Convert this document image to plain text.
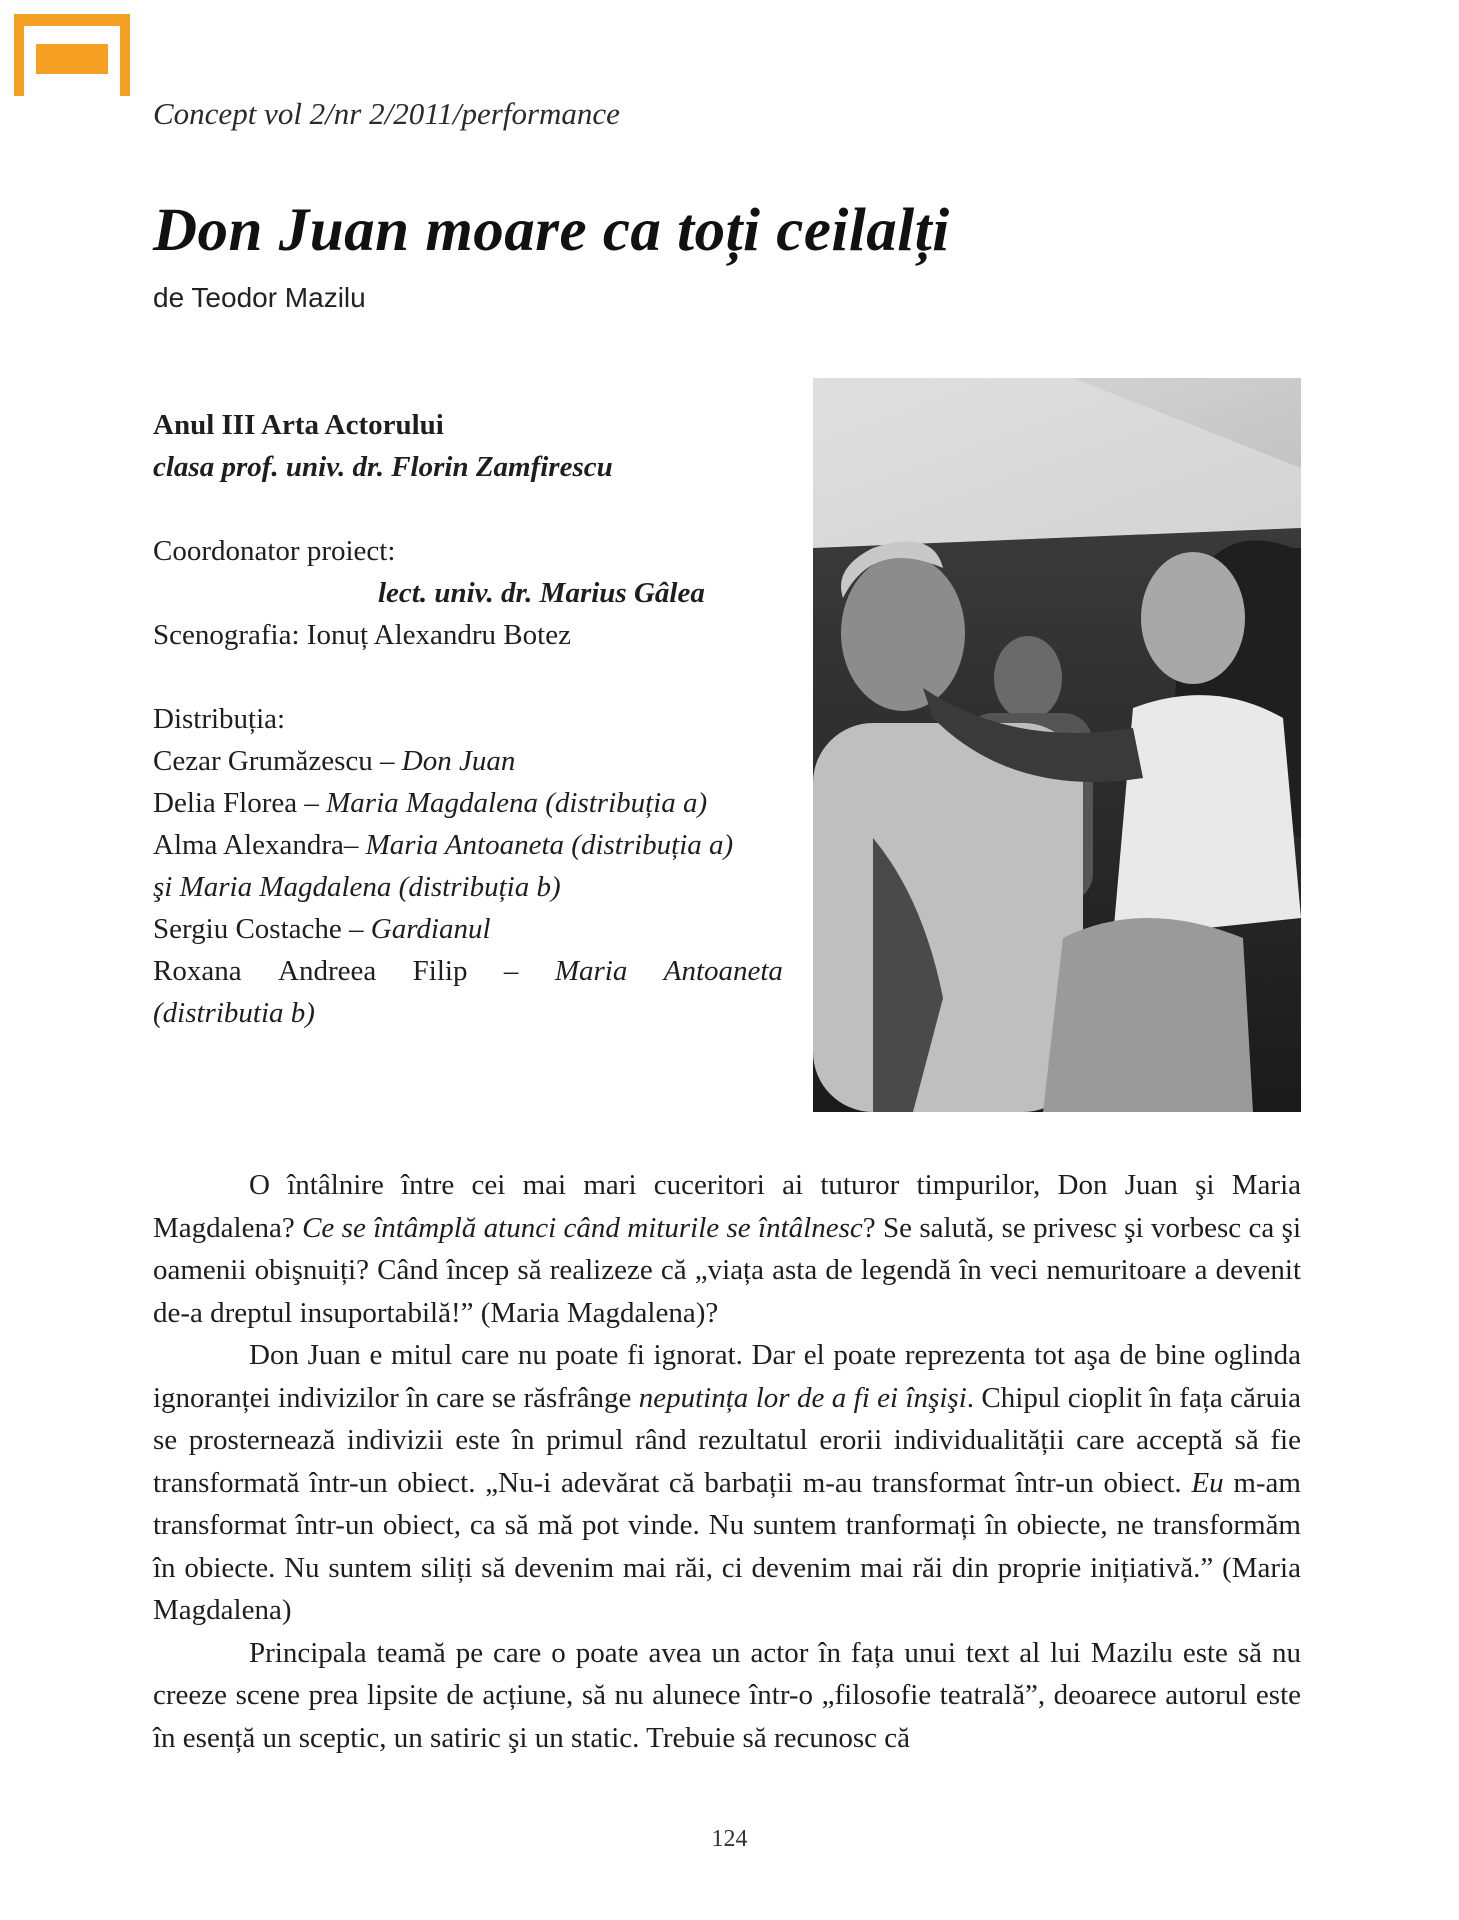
Concept vol 2/nr 2/2011/performance
Don Juan moare ca toți ceilalți
de Teodor Mazilu
Anul III Arta Actorului
clasa prof. univ. dr. Florin Zamfirescu
Coordonator proiect:
lect. univ. dr. Marius Gâlea
Scenografia: Ionuț Alexandru Botez
Distribuția:
Cezar Grumăzescu – Don Juan
Delia Florea – Maria Magdalena (distribuția a)
Alma Alexandra– Maria Antoaneta (distribuția a)
şi Maria Magdalena (distribuția b)
Sergiu Costache – Gardianul
Roxana Andreea Filip – Maria Antoaneta
(distributia b)

O întâlnire între cei mai mari cuceritori ai tuturor timpurilor, Don Juan şi Maria Magdalena? Ce se întâmplă atunci când miturile se întâlnesc? Se salută, se privesc şi vorbesc ca şi oamenii obişnuiți? Când încep să realizeze că „viața asta de legendă în veci nemuritoare a devenit de-a dreptul insuportabilă!” (Maria Magdalena)?

Don Juan e mitul care nu poate fi ignorat. Dar el poate reprezenta tot aşa de bine oglinda ignoranței indivizilor în care se răsfrânge neputința lor de a fi ei înşişi. Chipul cioplit în fața căruia se prosternează indivizii este în primul rând rezultatul erorii individualității care acceptă să fie transformată într-un obiect. „Nu-i adevărat că barbații m-au transformat într-un obiect. Eu m-am transformat într-un obiect, ca să mă pot vinde. Nu suntem tranformați în obiecte, ne transformăm în obiecte. Nu suntem siliți să devenim mai răi, ci devenim mai răi din proprie inițiativă.” (Maria Magdalena)

Principala teamă pe care o poate avea un actor în fața unui text al lui Mazilu este să nu creeze scene prea lipsite de acțiune, să nu alunece într-o „filosofie teatrală”, deoarece autorul este în esență un sceptic, un satiric şi un static. Trebuie să recunosc că

124
